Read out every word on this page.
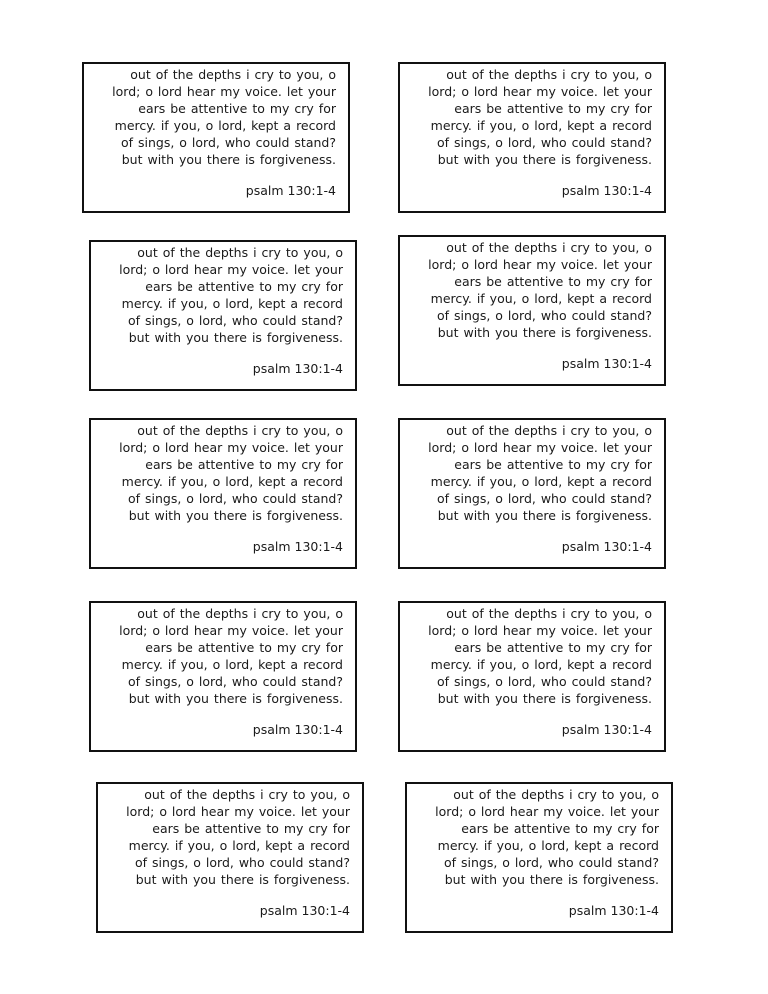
out of the depths i cry to you, o
lord; o lord hear my voice. let your
ears be attentive to my cry for
mercy. if you, o lord, kept a record
of sings, o lord, who could stand?
but with you there is forgiveness.

psalm 130:1-4

out of the depths i cry to you, o
lord; o lord hear my voice. let your
ears be attentive to my cry for
mercy. if you, o lord, kept a record
of sings, o lord, who could stand?
but with you there is forgiveness.

psalm 130:1-4

out of the depths i cry to you, o
lord; o lord hear my voice. let your
ears be attentive to my cry for
mercy. if you, o lord, kept a record
of sings, o lord, who could stand?
but with you there is forgiveness.

psalm 130:1-4

out of the depths i cry to you, o
lord; o lord hear my voice. let your
ears be attentive to my cry for
mercy. if you, o lord, kept a record
of sings, o lord, who could stand?
but with you there is forgiveness.

psalm 130:1-4

out of the depths i cry to you, o
lord; o lord hear my voice. let your
ears be attentive to my cry for
mercy. if you, o lord, kept a record
of sings, o lord, who could stand?
but with you there is forgiveness.

psalm 130:1-4

out of the depths i cry to you, o
lord; o lord hear my voice. let your
ears be attentive to my cry for
mercy. if you, o lord, kept a record
of sings, o lord, who could stand?
but with you there is forgiveness.

psalm 130:1-4

out of the depths i cry to you, o
lord; o lord hear my voice. let your
ears be attentive to my cry for
mercy. if you, o lord, kept a record
of sings, o lord, who could stand?
but with you there is forgiveness.

psalm 130:1-4

out of the depths i cry to you, o
lord; o lord hear my voice. let your
ears be attentive to my cry for
mercy. if you, o lord, kept a record
of sings, o lord, who could stand?
but with you there is forgiveness.

psalm 130:1-4

out of the depths i cry to you, o
lord; o lord hear my voice. let your
ears be attentive to my cry for
mercy. if you, o lord, kept a record
of sings, o lord, who could stand?
but with you there is forgiveness.

psalm 130:1-4

out of the depths i cry to you, o
lord; o lord hear my voice. let your
ears be attentive to my cry for
mercy. if you, o lord, kept a record
of sings, o lord, who could stand?
but with you there is forgiveness.

psalm 130:1-4
